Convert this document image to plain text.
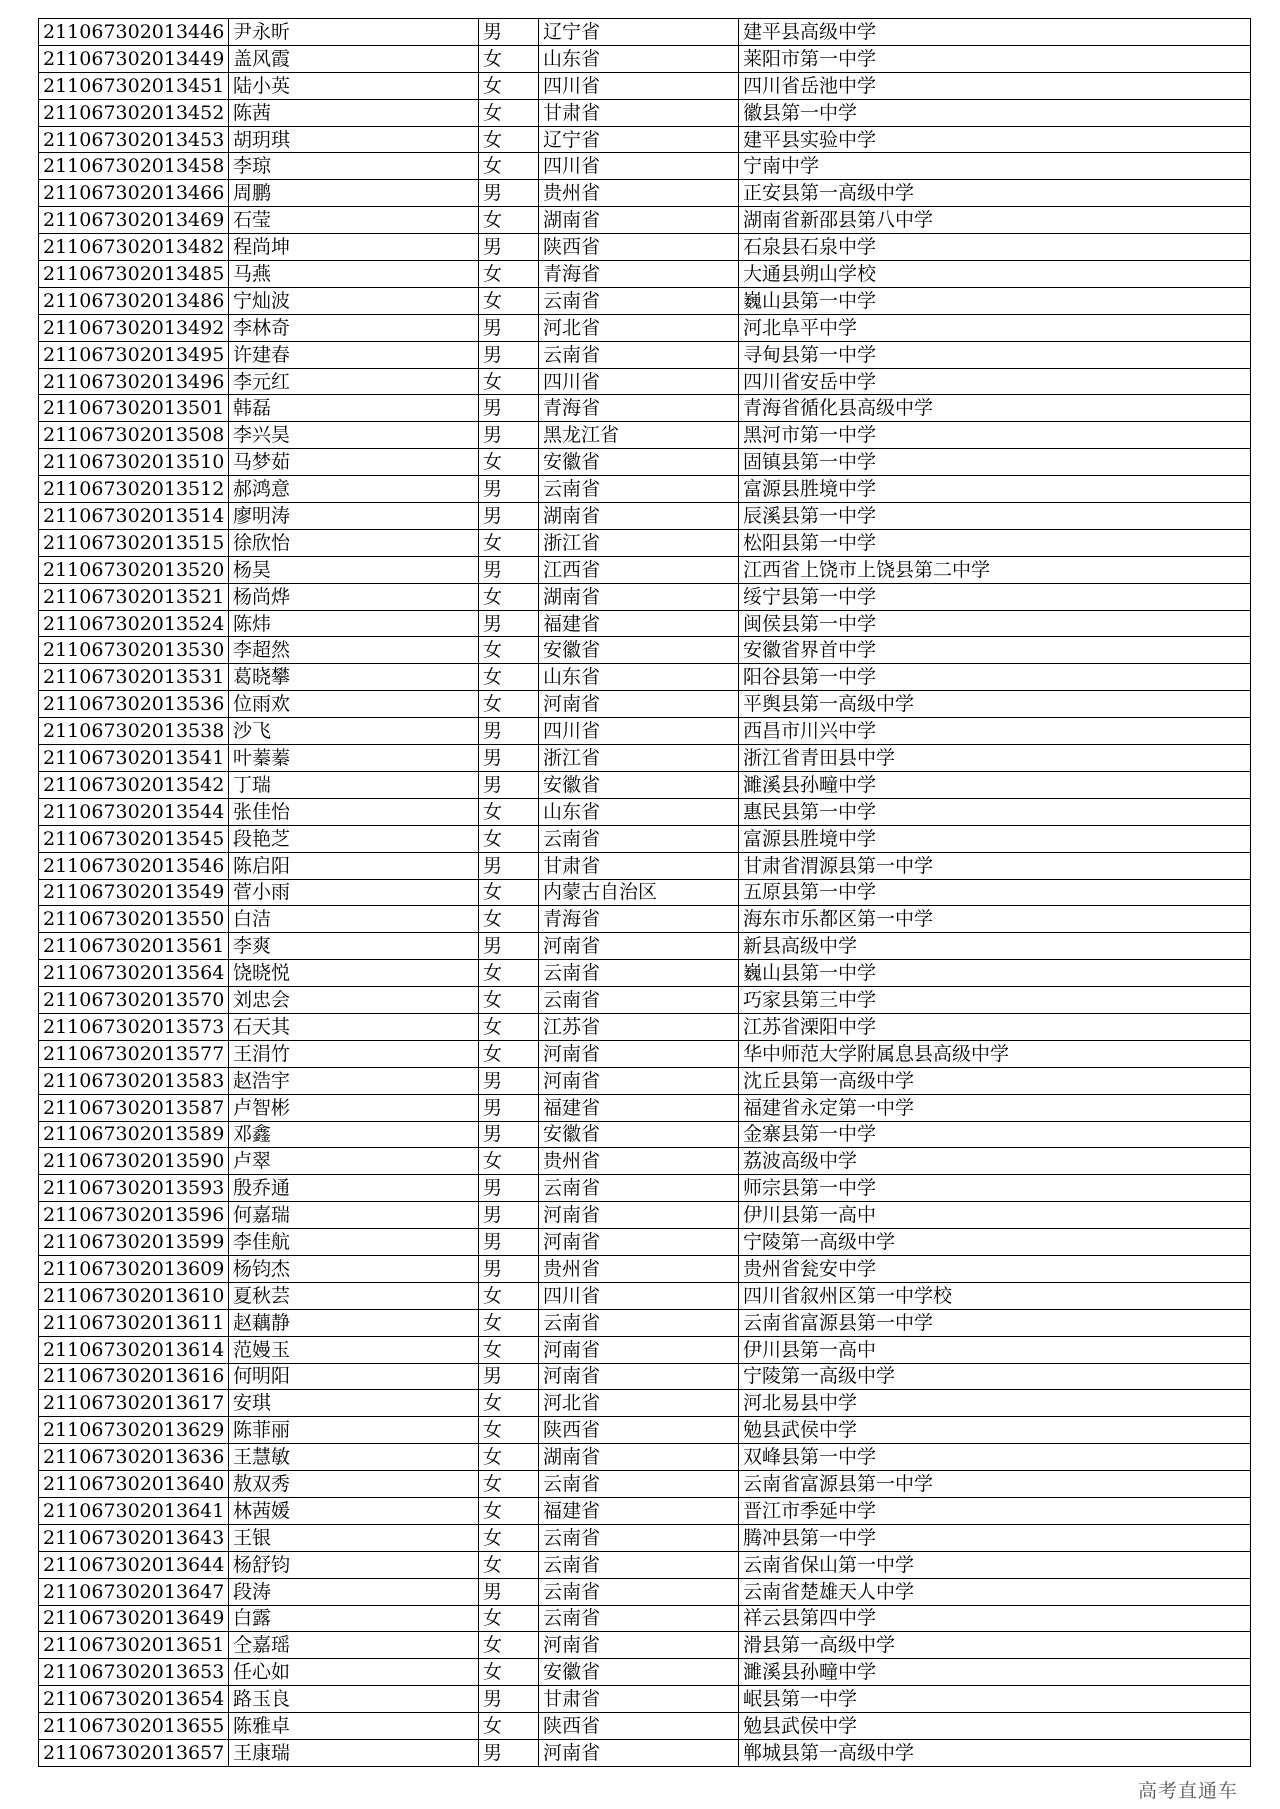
211067302013446	尹永昕	男	辽宁省	建平县高级中学
211067302013449	盖风霞	女	山东省	莱阳市第一中学
211067302013451	陆小英	女	四川省	四川省岳池中学
211067302013452	陈茜	女	甘肃省	徽县第一中学
211067302013453	胡玥琪	女	辽宁省	建平县实验中学
211067302013458	李琼	女	四川省	宁南中学
211067302013466	周鹏	男	贵州省	正安县第一高级中学
211067302013469	石莹	女	湖南省	湖南省新邵县第八中学
211067302013482	程尚坤	男	陕西省	石泉县石泉中学
211067302013485	马燕	女	青海省	大通县朔山学校
211067302013486	宁灿波	女	云南省	巍山县第一中学
211067302013492	李林奇	男	河北省	河北阜平中学
211067302013495	许建春	男	云南省	寻甸县第一中学
211067302013496	李元红	女	四川省	四川省安岳中学
211067302013501	韩磊	男	青海省	青海省循化县高级中学
211067302013508	李兴昊	男	黑龙江省	黑河市第一中学
211067302013510	马梦茹	女	安徽省	固镇县第一中学
211067302013512	郝鸿意	男	云南省	富源县胜境中学
211067302013514	廖明涛	男	湖南省	辰溪县第一中学
211067302013515	徐欣怡	女	浙江省	松阳县第一中学
211067302013520	杨昊	男	江西省	江西省上饶市上饶县第二中学
211067302013521	杨尚烨	女	湖南省	绥宁县第一中学
211067302013524	陈炜	男	福建省	闽侯县第一中学
211067302013530	李超然	女	安徽省	安徽省界首中学
211067302013531	葛晓攀	女	山东省	阳谷县第一中学
211067302013536	位雨欢	女	河南省	平舆县第一高级中学
211067302013538	沙飞	男	四川省	西昌市川兴中学
211067302013541	叶蓁蓁	男	浙江省	浙江省青田县中学
211067302013542	丁瑞	男	安徽省	濉溪县孙疃中学
211067302013544	张佳怡	女	山东省	惠民县第一中学
211067302013545	段艳芝	女	云南省	富源县胜境中学
211067302013546	陈启阳	男	甘肃省	甘肃省渭源县第一中学
211067302013549	菅小雨	女	内蒙古自治区	五原县第一中学
211067302013550	白洁	女	青海省	海东市乐都区第一中学
211067302013561	李爽	男	河南省	新县高级中学
211067302013564	饶晓悦	女	云南省	巍山县第一中学
211067302013570	刘忠会	女	云南省	巧家县第三中学
211067302013573	石天其	女	江苏省	江苏省溧阳中学
211067302013577	王涓竹	女	河南省	华中师范大学附属息县高级中学
211067302013583	赵浩宇	男	河南省	沈丘县第一高级中学
211067302013587	卢智彬	男	福建省	福建省永定第一中学
211067302013589	邓鑫	男	安徽省	金寨县第一中学
211067302013590	卢翠	女	贵州省	荔波高级中学
211067302013593	殷乔通	男	云南省	师宗县第一中学
211067302013596	何嘉瑞	男	河南省	伊川县第一高中
211067302013599	李佳航	男	河南省	宁陵第一高级中学
211067302013609	杨钧杰	男	贵州省	贵州省瓮安中学
211067302013610	夏秋芸	女	四川省	四川省叙州区第一中学校
211067302013611	赵藕静	女	云南省	云南省富源县第一中学
211067302013614	范嫚玉	女	河南省	伊川县第一高中
211067302013616	何明阳	男	河南省	宁陵第一高级中学
211067302013617	安琪	女	河北省	河北易县中学
211067302013629	陈菲丽	女	陕西省	勉县武侯中学
211067302013636	王慧敏	女	湖南省	双峰县第一中学
211067302013640	敖双秀	女	云南省	云南省富源县第一中学
211067302013641	林茜媛	女	福建省	晋江市季延中学
211067302013643	王银	女	云南省	腾冲县第一中学
211067302013644	杨舒钧	女	云南省	云南省保山第一中学
211067302013647	段涛	男	云南省	云南省楚雄天人中学
211067302013649	白露	女	云南省	祥云县第四中学
211067302013651	仝嘉瑶	女	河南省	滑县第一高级中学
211067302013653	任心如	女	安徽省	濉溪县孙疃中学
211067302013654	路玉良	男	甘肃省	岷县第一中学
211067302013655	陈雅卓	女	陕西省	勉县武侯中学
211067302013657	王康瑞	男	河南省	郸城县第一高级中学
高考直通车
